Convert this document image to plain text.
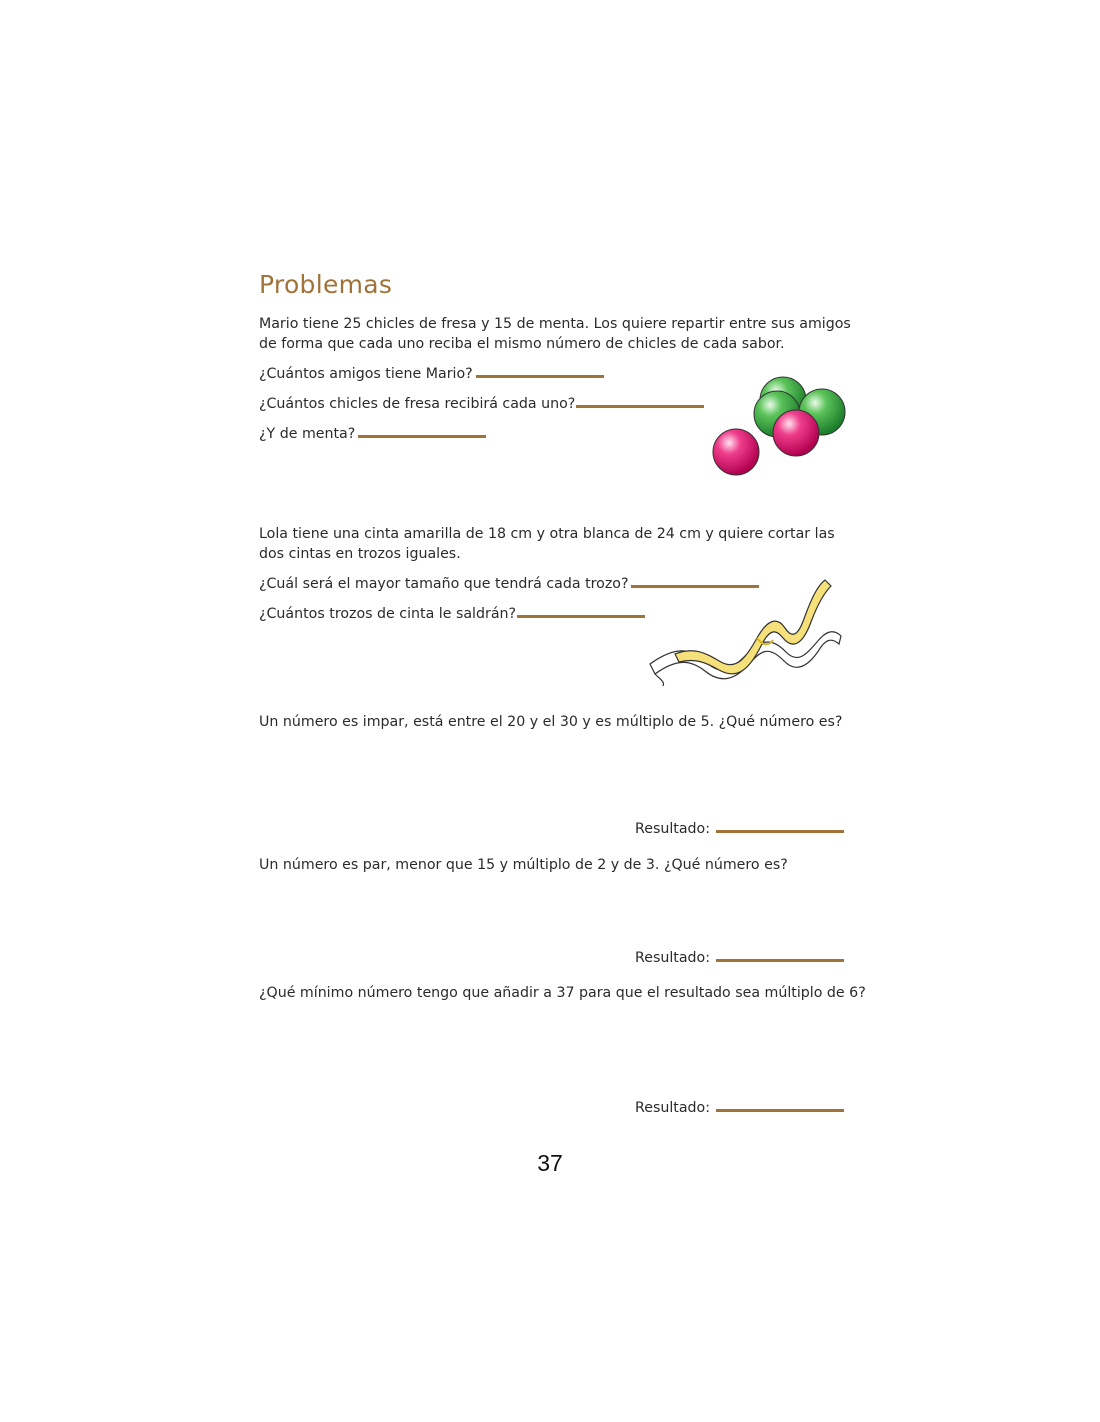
Problemas
Mario tiene 25 chicles de fresa y 15 de menta. Los quiere repartir entre sus amigos de forma que cada uno reciba el mismo número de chicles de cada sabor.
¿Cuántos amigos tiene Mario?
¿Cuántos chicles de fresa recibirá cada uno?
¿Y de menta?
Lola tiene una cinta amarilla de 18 cm y otra blanca de 24 cm y quiere cortar las dos cintas en trozos iguales.
¿Cuál será el mayor tamaño que tendrá cada trozo?
¿Cuántos trozos de cinta le saldrán?
Un número es impar, está entre el 20 y el 30 y es múltiplo de 5. ¿Qué número es?
Resultado:
Un número es par, menor que 15 y múltiplo de 2 y de 3. ¿Qué número es?
Resultado:
¿Qué mínimo número tengo que añadir a 37 para que el resultado sea múltiplo de 6?
Resultado:
37
